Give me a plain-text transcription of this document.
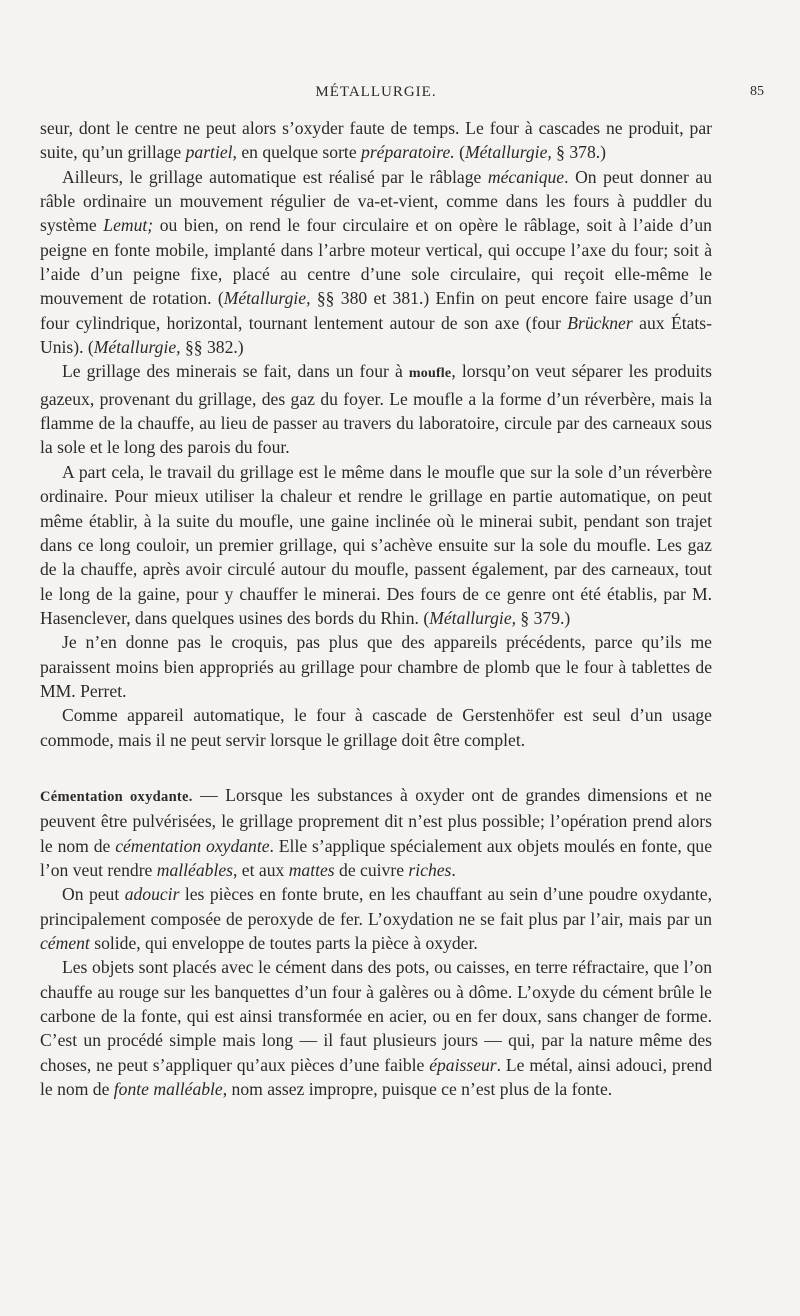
MÉTALLURGIE.	85

seur, dont le centre ne peut alors s’oxyder faute de temps. Le four à cascades ne produit, par suite, qu’un grillage partiel, en quelque sorte préparatoire. (Métallurgie, § 378.)

Ailleurs, le grillage automatique est réalisé par le râblage mécanique. On peut donner au râble ordinaire un mouvement régulier de va-et-vient, comme dans les fours à puddler du système Lemut; ou bien, on rend le four circulaire et on opère le râblage, soit à l’aide d’un peigne en fonte mobile, implanté dans l’arbre moteur vertical, qui occupe l’axe du four; soit à l’aide d’un peigne fixe, placé au centre d’une sole circulaire, qui reçoit elle-même le mouvement de rotation. (Métallurgie, §§ 380 et 381.) Enfin on peut encore faire usage d’un four cylindrique, horizontal, tournant lentement autour de son axe (four Brückner aux États-Unis). (Métallurgie, §§ 382.)

Le grillage des minerais se fait, dans un four à moufle, lorsqu’on veut séparer les produits gazeux, provenant du grillage, des gaz du foyer. Le moufle a la forme d’un réverbère, mais la flamme de la chauffe, au lieu de passer au travers du laboratoire, circule par des carneaux sous la sole et le long des parois du four.

A part cela, le travail du grillage est le même dans le moufle que sur la sole d’un réverbère ordinaire. Pour mieux utiliser la chaleur et rendre le grillage en partie automatique, on peut même établir, à la suite du moufle, une gaine inclinée où le minerai subit, pendant son trajet dans ce long couloir, un premier grillage, qui s’achève ensuite sur la sole du moufle. Les gaz de la chauffe, après avoir circulé autour du moufle, passent également, par des carneaux, tout le long de la gaine, pour y chauffer le minerai. Des fours de ce genre ont été établis, par M. Hasenclever, dans quelques usines des bords du Rhin. (Métallurgie, § 379.)

Je n’en donne pas le croquis, pas plus que des appareils précédents, parce qu’ils me paraissent moins bien appropriés au grillage pour chambre de plomb que le four à tablettes de MM. Perret.

Comme appareil automatique, le four à cascade de Gerstenhöfer est seul d’un usage commode, mais il ne peut servir lorsque le grillage doit être complet.

Cémentation oxydante. — Lorsque les substances à oxyder ont de grandes dimensions et ne peuvent être pulvérisées, le grillage proprement dit n’est plus possible; l’opération prend alors le nom de cémentation oxydante. Elle s’applique spécialement aux objets moulés en fonte, que l’on veut rendre malléables, et aux mattes de cuivre riches.

On peut adoucir les pièces en fonte brute, en les chauffant au sein d’une poudre oxydante, principalement composée de peroxyde de fer. L’oxydation ne se fait plus par l’air, mais par un cément solide, qui enveloppe de toutes parts la pièce à oxyder.

Les objets sont placés avec le cément dans des pots, ou caisses, en terre réfractaire, que l’on chauffe au rouge sur les banquettes d’un four à galères ou à dôme. L’oxyde du cément brûle le carbone de la fonte, qui est ainsi transformée en acier, ou en fer doux, sans changer de forme. C’est un procédé simple mais long — il faut plusieurs jours — qui, par la nature même des choses, ne peut s’appliquer qu’aux pièces d’une faible épaisseur. Le métal, ainsi adouci, prend le nom de fonte malléable, nom assez impropre, puisque ce n’est plus de la fonte.
